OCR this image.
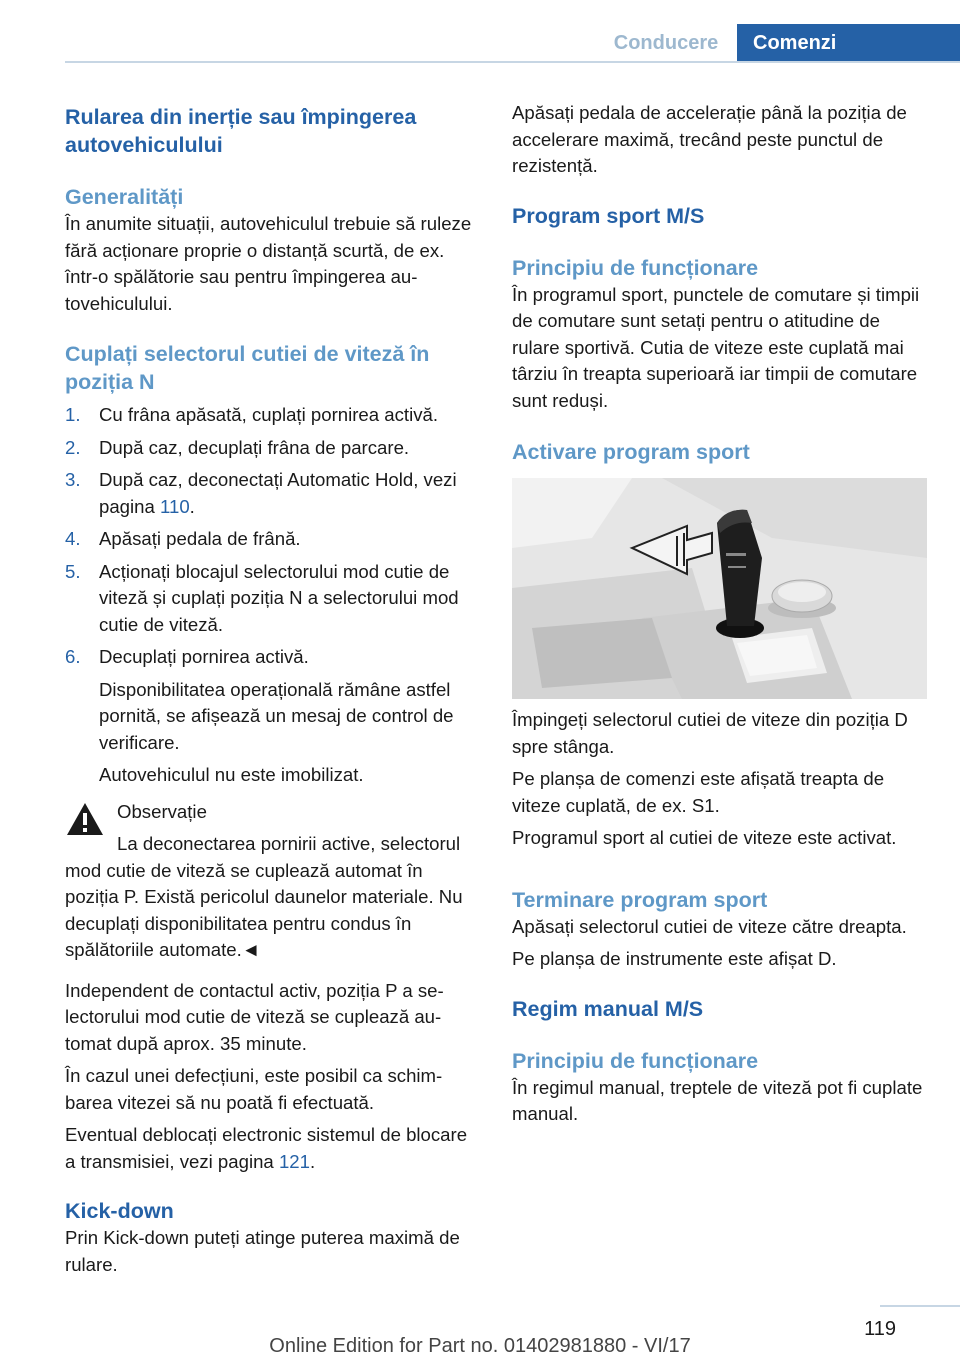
Conducere	Comenzi
Rularea din inerție sau împingerea autovehiculului
Generalități

În anumite situații, autovehiculul trebuie să ruleze fără acționare proprie o distanță scurtă, de ex. într-o spălătorie sau pentru împingerea autovehiculului.

Cuplați selectorul cutiei de viteză în poziția N
1. Cu frâna apăsată, cuplați pornirea activă.
2. După caz, decuplați frâna de parcare.
3. După caz, deconectați Automatic Hold, vezi pagina 110.
4. Apăsați pedala de frână.
5. Acționați blocajul selectorului mod cutie de viteză și cuplați poziția N a selectorului mod cutie de viteză.
6. Decuplați pornirea activă.

Disponibilitatea operațională rămâne astfel pornită, se afișează un mesaj de control de verificare.

Autovehiculul nu este imobilizat.

Observație

La deconectarea pornirii active, selectorul mod cutie de viteză se cuplează automat în poziția P. Există pericolul daunelor materiale. Nu decuplați disponibilitatea pentru condus în spălătoriile automate.◄

Independent de contactul activ, poziția P a selectorului mod cutie de viteză se cuplează automat după aprox. 35 minute.

În cazul unei defecțiuni, este posibil ca schimbarea vitezei să nu poată fi efectuată.

Eventual deblocați electronic sistemul de blocare a transmisiei, vezi pagina 121.

Kick-down

Prin Kick-down puteți atinge puterea maximă de rulare.

Apăsați pedala de accelerație până la poziția de accelerare maximă, trecând peste punctul de rezistență.

Program sport M/S
Principiu de funcționare

În programul sport, punctele de comutare și timpii de comutare sunt setați pentru o atitudine de rulare sportivă. Cutia de viteze este cuplată mai târziu în treapta superioară iar timpii de comutare sunt reduși.

Activare program sport

Împingeți selectorul cutiei de viteze din poziția D spre stânga.

Pe planșa de comenzi este afișată treapta de viteze cuplată, de ex. S1.

Programul sport al cutiei de viteze este activat.

Terminare program sport

Apăsați selectorul cutiei de viteze către dreapta.

Pe planșa de instrumente este afișat D.

Regim manual M/S
Principiu de funcționare

În regimul manual, treptele de viteză pot fi cuplate manual.

119
Online Edition for Part no. 01402981880 - VI/17
